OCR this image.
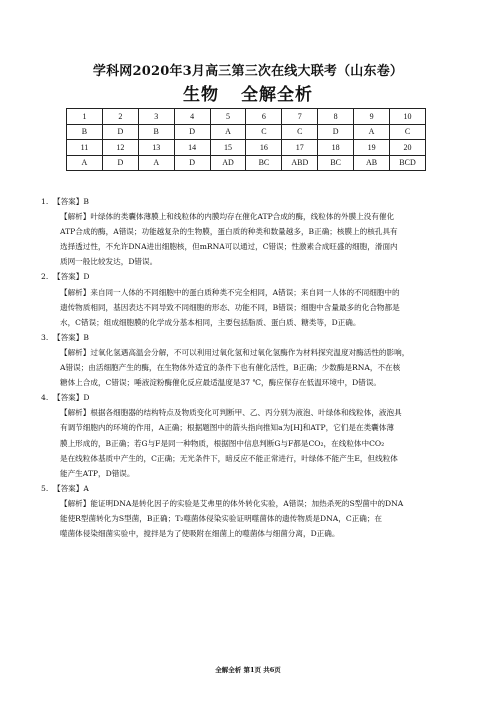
学科网2020年3月高三第三次在线大联考（山东卷）
生物 全解全析
1	2	3	4	5	6	7	8	9	10
B	D	B	D	A	C	C	D	A	C
11	12	13	14	15	16	17	18	19	20
A	D	A	D	AD	BC	ABD	BC	AB	BCD

1. 【答案】B

【解析】叶绿体的类囊体薄膜上和线粒体的内膜均存在催化ATP合成的酶，线粒体的外膜上没有催化

ATP合成的酶，A错误；功能越复杂的生物膜，蛋白质的种类和数量越多，B正确；核膜上的核孔具有

选择透过性，不允许DNA进出细胞核，但mRNA可以通过，C错误；性激素合成旺盛的细胞，滑面内

质网一般比较发达，D错误。

2. 【答案】D

【解析】来自同一人体的不同细胞中的蛋白质种类不完全相同，A错误；来自同一人体的不同细胞中的

遗传物质相同，基因表达不同导致不同细胞的形态、功能不同，B错误；细胞中含量最多的化合物都是

水，C错误；组成细胞膜的化学成分基本相同，主要包括脂质、蛋白质、糖类等，D正确。

3. 【答案】B

【解析】过氧化氢遇高温会分解，不可以利用过氧化氢和过氧化氢酶作为材料探究温度对酶活性的影响，

A错误；由活细胞产生的酶，在生物体外适宜的条件下也有催化活性，B正确；少数酶是RNA，不在核

糖体上合成，C错误；唾液淀粉酶催化反应最适温度是37 ℃，酶应保存在低温环境中，D错误。

4. 【答案】D

【解析】根据各细胞器的结构特点及物质变化可判断甲、乙、丙分别为液泡、叶绿体和线粒体，液泡具

有调节细胞内的环境的作用，A正确；根据题图中的箭头指向推知a为[H]和ATP，它们是在类囊体薄

膜上形成的，B正确；若G与F是同一种物质，根据图中信息判断G与F都是CO₂，在线粒体中CO₂

是在线粒体基质中产生的，C正确；无光条件下，暗反应不能正常进行，叶绿体不能产生E，但线粒体

能产生ATP，D错误。

5. 【答案】A

【解析】能证明DNA是转化因子的实验是艾弗里的体外转化实验，A错误；加热杀死的S型菌中的DNA

能使R型菌转化为S型菌，B正确；T₂噬菌体侵染实验证明噬菌体的遗传物质是DNA，C正确；在

噬菌体侵染细菌实验中，搅拌是为了使吸附在细菌上的噬菌体与细菌分离，D正确。

全解全析 第1页 共6页
